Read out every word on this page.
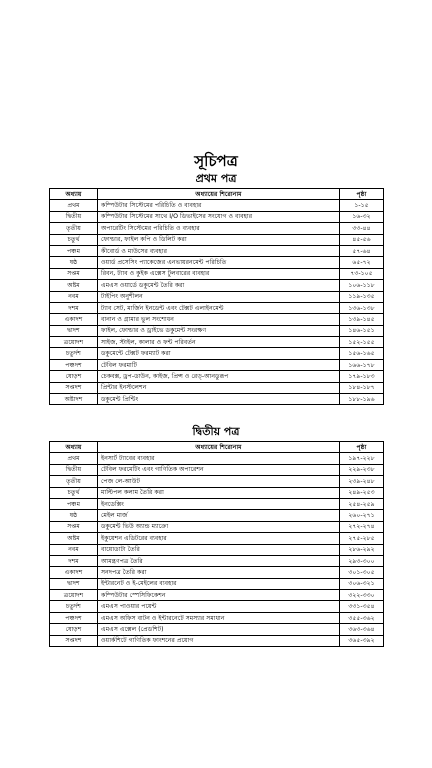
সূচিপত্র
প্রথম পত্র
অধ্যায়	অধ্যায়ের শিরোনাম	পৃষ্ঠা
প্রথম	কম্পিউটার সিস্টেমের পরিচিতি ও ব্যবহার	১-১৫
দ্বিতীয়	কম্পিউটার সিস্টেমের সাথে I/O ডিভাইসের সংযোগ ও ব্যবহার	১৬-৩২
তৃতীয়	অপারেটিং সিস্টেমের পরিচিতি ও ব্যবহার	৩৩-৪৪
চতুর্থ	ফোল্ডার, ফাইল কপি ও ডিলিট করা	৪৫-৫৬
পঞ্চম	কীবোর্ড ও মাউসের ব্যবহার	৫৭-৬৪
ষষ্ঠ	ওয়ার্ড প্রসেসিং প্যাকেজের এনভায়রনমেন্ট পরিচিতি	৬৫-৭২
সপ্তম	রিবন, ট্যাব ও কুইক এক্সেস টুলবারের ব্যবহার	৭৩-১০৫
অষ্টম	এমএস ওয়ার্ডে ডকুমেন্ট তৈরি করা	১০৬-১১৮
নবম	টাইপিং অনুশীলন	১১৯-১৩৫
দশম	ট্যাব সেট, মার্জিন ইনডেন্ট এবং টেক্সট এলাইনমেন্ট	১৩৬-১৩৮
একাদশ	বানান ও গ্রামার ভুল সংশোধন	১৩৯-১৪৫
দ্বাদশ	ফাইল, ফোল্ডার ও ড্রাইভে ডকুমেন্ট সংরক্ষণ	১৪৬-১৫১
ত্রয়োদশ	সাইজ, স্টাইল, কালার ও ফন্ট পরিবর্তন	১৫২-১৫৫
চতুর্দশ	ডকুমেন্টে টেক্সট ফরম্যাট করা	১৫৬-১৬৫
পঞ্চদশ	টেবিল ফরমাটি	১৬৬-১৭৮
ষোড়শ	চেকবক্স, ড্রপ-ডাউন, কাইজ, প্রিন্স ও রেড্‌-আনডুরূপ	১৭৯-১৮৩
সপ্তদশ	প্রিন্টার ইনস্টলেশন	১৮৪-১৮৭
অষ্টাদশ	ডকুমেন্ট প্রিন্টিং	১৮৮-১৯৬
দ্বিতীয় পত্র
অধ্যায়	অধ্যায়ের শিরোনাম	পৃষ্ঠা
প্রথম	ইনসার্ট ট্যাবের ব্যবহার	১৯৭-২২৮
দ্বিতীয়	টেবিল ফরমেটিং এবং গাণিতিক অপারেশন	২২৯-২৩৮
তৃতীয়	পেজ লে-আউট	২৩৯-২৪৮
চতুর্থ	মাল্টিপল কলাম তৈরি করা	২৪৯-২৫৩
পঞ্চম	ইনডেক্সিং	২৫৪-২৫৯
ষষ্ঠ	মেইল মার্জ	২৬০-২৭১
সপ্তম	ডকুমেন্ট ভিউ অ্যান্ড ম্যাক্রো	২৭২-২৭৪
অষ্টম	ইকুয়েশন এডিটরের ব্যবহার	২৭৫-২৮৫
নবম	বায়োডাটা তৈরি	২৮৬-২৯২
দশম	আমন্ত্রণপত্র তৈরি	২৯৩-৩০০
একাদশ	সনদপত্র তৈরি করা	৩০১-৩০৫
দ্বাদশ	ইন্টারনেট ও ই-মেইলের ব্যবহার	৩০৬-৩২১
ত্রয়োদশ	কম্পিউটার স্পেসিফিকেশন	৩২২-৩৩০
চতুর্দশ	এমএস পাওয়ার পয়েন্ট	৩৩১-৩৫৪
পঞ্চদশ	এমএস অফিস বাটন ও ইন্টারনেটে সমস্যার সমাধান	৩৫৫-৩৬২
ষোড়শ	এমএস এক্সেল (প্রেডশিট)	৩৬৩-৩৬৪
সপ্তদশ	ওয়ার্কশিটে গাণিতিক ফাংশনের প্রয়োগ	৩৬৫-৩৯২
